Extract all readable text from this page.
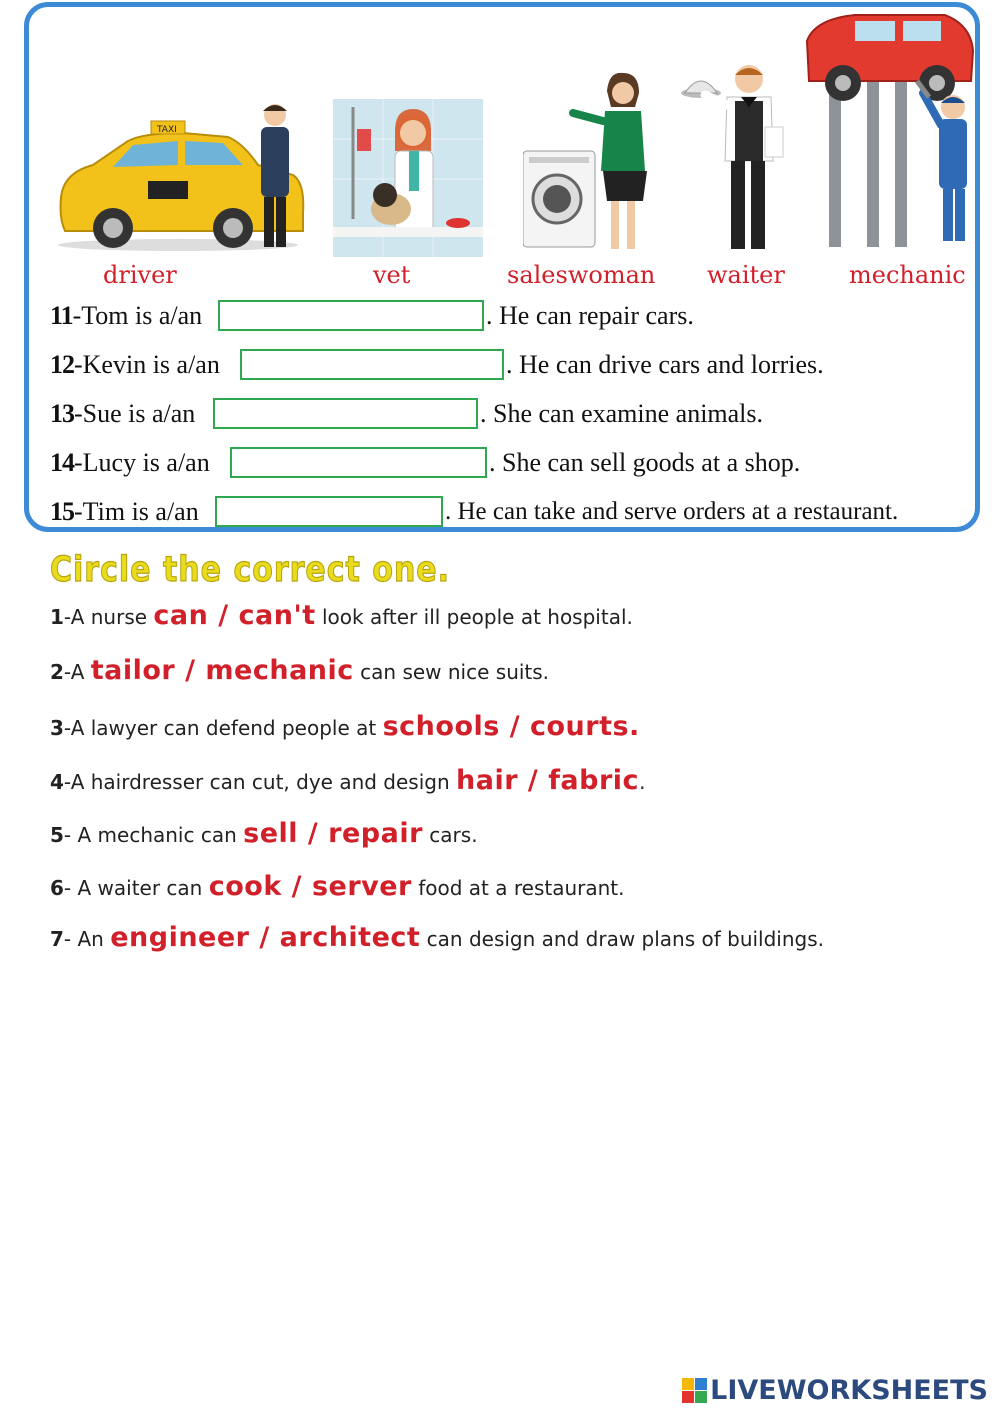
TAXI
driver	vet	saleswoman waiter	mechanic
11-Tom is a/an	. He can repair cars.
12-Kevin is a/an	. He can drive cars and lorries.
13-Sue is a/an	. She can examine animals.
14-Lucy is a/an	. She can sell goods at a shop.
15-Tim is a/an	. He can take and serve orders at a restaurant.
Circle the correct one.
1-A nurse can / can't look after ill people at hospital.
2-A tailor / mechanic can sew nice suits.
3-A lawyer can defend people at schools / courts.
4-A hairdresser can cut, dye and design hair / fabric.
5- A mechanic can sell / repair cars.
6- A waiter can cook / server food at a restaurant.
7- An engineer / architect can design and draw plans of buildings.
LIVEWORKSHEETS
